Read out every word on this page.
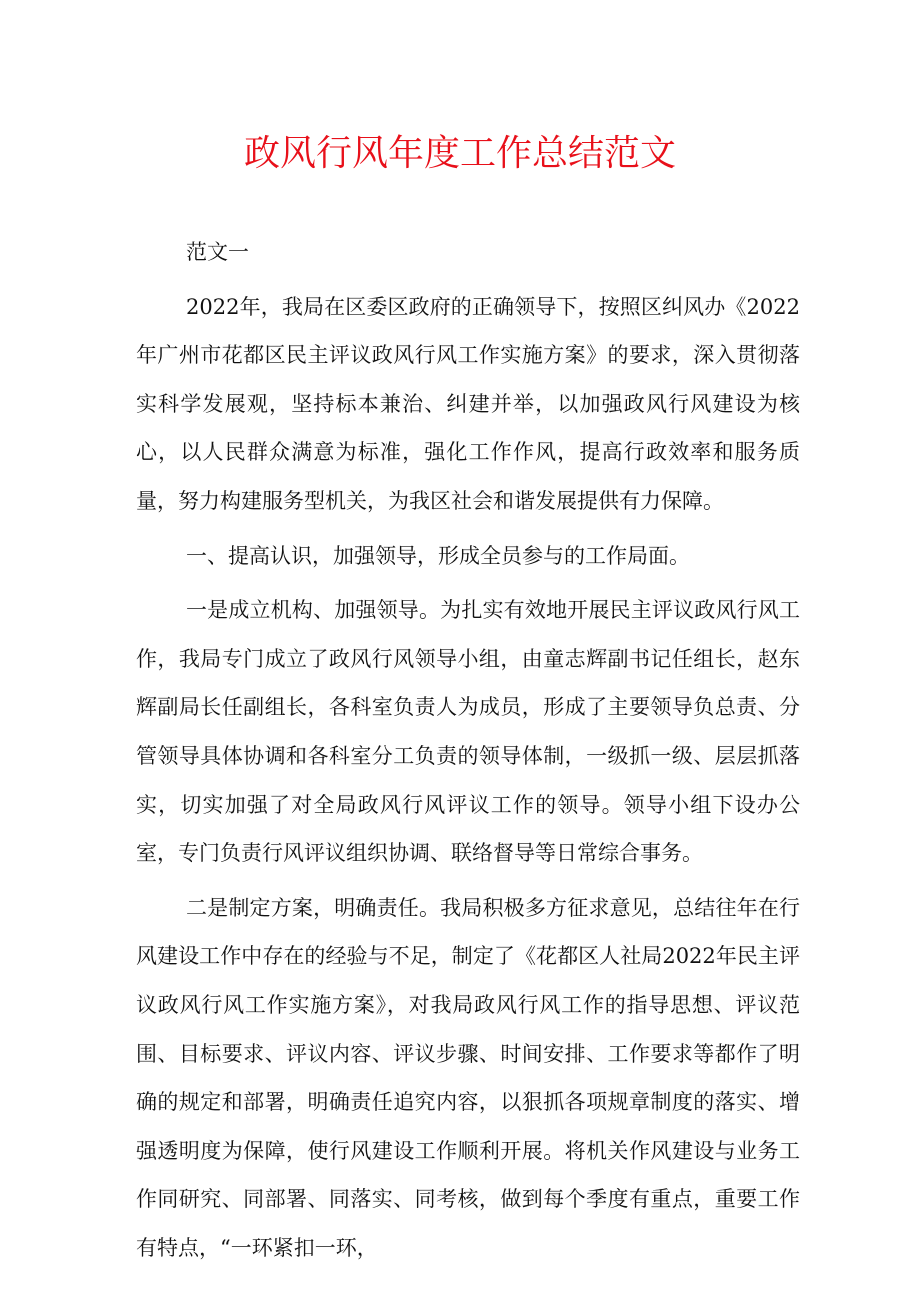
政风行风年度工作总结范文

范文一

2022年，我局在区委区政府的正确领导下，按照区纠风办《2022年广州市花都区民主评议政风行风工作实施方案》的要求，深入贯彻落实科学发展观，坚持标本兼治、纠建并举，以加强政风行风建设为核心，以人民群众满意为标准，强化工作作风，提高行政效率和服务质量，努力构建服务型机关，为我区社会和谐发展提供有力保障。

一、提高认识，加强领导，形成全员参与的工作局面。

一是成立机构、加强领导。为扎实有效地开展民主评议政风行风工作，我局专门成立了政风行风领导小组，由童志辉副书记任组长，赵东辉副局长任副组长，各科室负责人为成员，形成了主要领导负总责、分管领导具体协调和各科室分工负责的领导体制，一级抓一级、层层抓落实，切实加强了对全局政风行风评议工作的领导。领导小组下设办公室，专门负责行风评议组织协调、联络督导等日常综合事务。

二是制定方案，明确责任。我局积极多方征求意见，总结往年在行风建设工作中存在的经验与不足，制定了《花都区人社局2022年民主评议政风行风工作实施方案》，对我局政风行风工作的指导思想、评议范围、目标要求、评议内容、评议步骤、时间安排、工作要求等都作了明确的规定和部署，明确责任追究内容，以狠抓各项规章制度的落实、增强透明度为保障，使行风建设工作顺利开展。将机关作风建设与业务工作同研究、同部署、同落实、同考核，做到每个季度有重点，重要工作有特点，“一环紧扣一环，
